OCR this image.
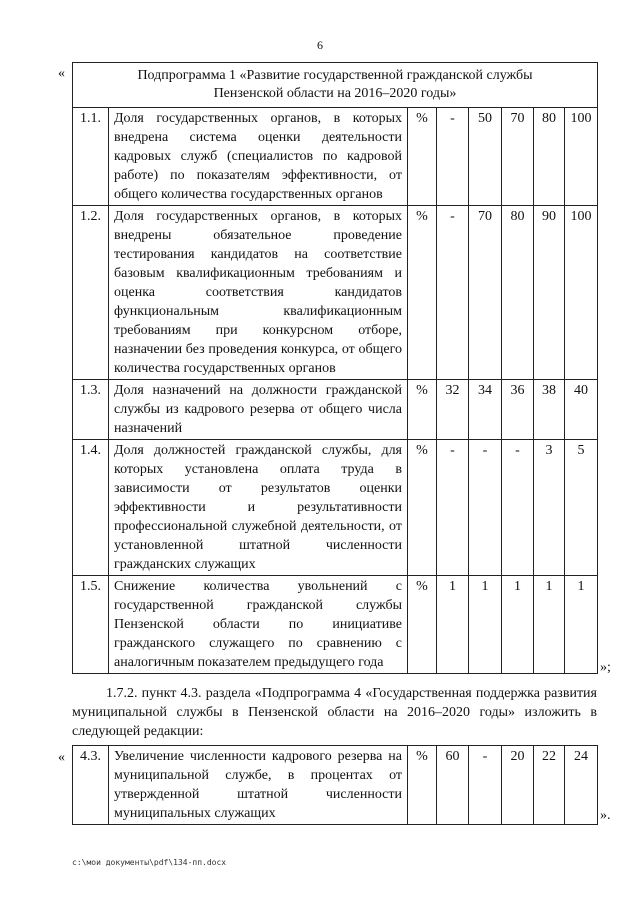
6
«	Подпрограмма 1 «Развитие государственной гражданской службы
Пензенской области на 2016–2020 годы»							

1.1.	Доля государственных органов, в которых внедрена система оценки деятельности кадровых служб (специалистов по кадровой работе) по показателям эффективности, от общего количества государственных органов	%	-	50	70	80	100
1.2.	Доля государственных органов, в которых внедрены обязательное проведение тестирования кандидатов на соответствие базовым квалификационным требованиям и оценка соответствия кандидатов функциональным квалификационным требованиям при конкурсном отборе, назначении без проведения конкурса, от общего количества государственных органов	%	-	70	80	90	100
1.3.	Доля назначений на должности гражданской службы из кадрового резерва от общего числа назначений	%	32	34	36	38	40
1.4.	Доля должностей гражданской службы, для которых установлена оплата труда в зависимости от результатов оценки эффективности и результативности профессиональной служебной деятельности, от установленной штатной численности гражданских служащих	%	-	-	-	3	5
1.5.	Снижение количества увольнений с государственной гражданской службы Пензенской области по инициативе гражданского служащего по сравнению с аналогичным показателем предыдущего года	%	1	1	1	1	1
»;
1.7.2. пункт 4.3. раздела «Подпрограмма 4 «Государственная поддержка развития муниципальной службы в Пензенской области на 2016–2020 годы» изложить в следующей редакции:
« 4.3.	Увеличение численности кадрового резерва на муниципальной службе, в процентах от утвержденной штатной численности муниципальных служащих	%	60	-	20	22	24
».
c:\мои документы\pdf\134-пп.docx
